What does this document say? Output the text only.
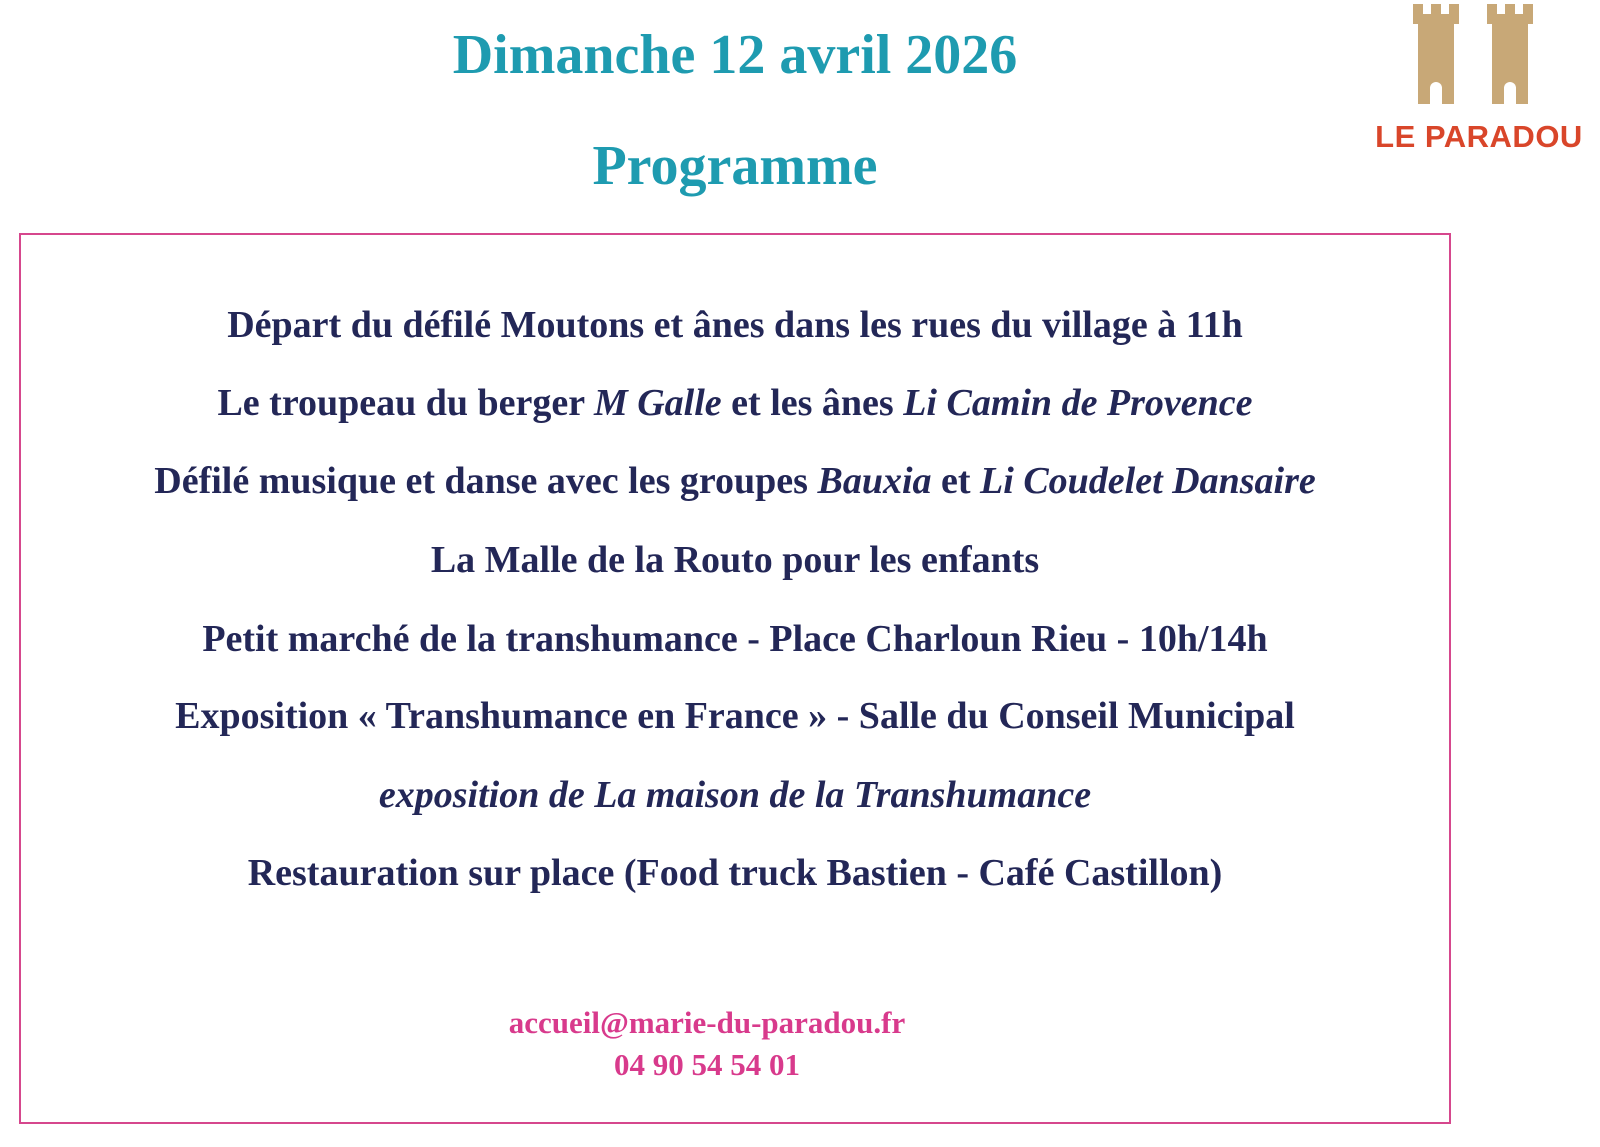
Dimanche 12 avril 2026
Programme	LE PARADOU
Départ du défilé Moutons et ânes dans les rues du village à 11h
Le troupeau du berger M Galle et les ânes Li Camin de Provence
Défilé musique et danse avec les groupes Bauxia et Li Coudelet Dansaire
La Malle de la Routo pour les enfants
Petit marché de la transhumance - Place Charloun Rieu - 10h/14h
Exposition « Transhumance en France » - Salle du Conseil Municipal
exposition de La maison de la Transhumance
Restauration sur place (Food truck Bastien - Café Castillon)
accueil@marie-du-paradou.fr
04 90 54 54 01
